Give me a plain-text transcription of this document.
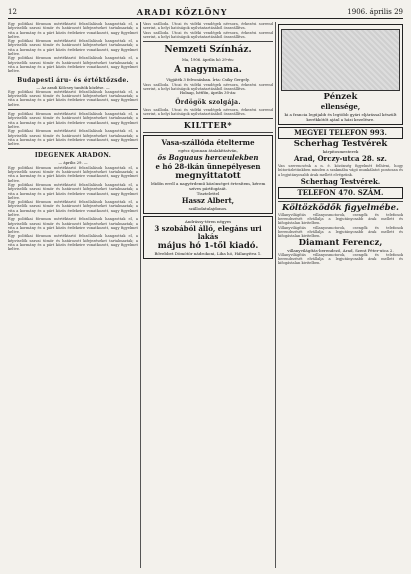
12	ARADI KÖZLÖNY	1906. április 29
Egy politikai fórumon mértéktartó felszólalások hangzottak el, a képviselők szavai tömör és határozott kifejezéseket tartalmaztak; a vita a kormány és a párt közös érdekeire vonatkozott, nagy figyelmet keltve.
Egy politikai fórumon mértéktartó felszólalások hangzottak el, a képviselők szavai tömör és határozott kifejezéseket tartalmaztak; a vita a kormány és a párt közös érdekeire vonatkozott, nagy figyelmet keltve.
Egy politikai fórumon mértéktartó felszólalások hangzottak el, a képviselők szavai tömör és határozott kifejezéseket tartalmaztak; a vita a kormány és a párt közös érdekeire vonatkozott, nagy figyelmet keltve.
Budapesti áru- és értéktőzsde.
— Az aradi Kölcsey tanítók közlése. —
Egy politikai fórumon mértéktartó felszólalások hangzottak el, a képviselők szavai tömör és határozott kifejezéseket tartalmaztak; a vita a kormány és a párt közös érdekeire vonatkozott, nagy figyelmet keltve.
Egy politikai fórumon mértéktartó felszólalások hangzottak el, a képviselők szavai tömör és határozott kifejezéseket tartalmaztak; a vita a kormány és a párt közös érdekeire vonatkozott, nagy figyelmet keltve.
Egy politikai fórumon mértéktartó felszólalások hangzottak el, a képviselők szavai tömör és határozott kifejezéseket tartalmaztak; a vita a kormány és a párt közös érdekeire vonatkozott, nagy figyelmet keltve.
IDEGENEK ARADON.
— április 29. —
Egy politikai fórumon mértéktartó felszólalások hangzottak el, a képviselők szavai tömör és határozott kifejezéseket tartalmaztak; a vita a kormány és a párt közös érdekeire vonatkozott, nagy figyelmet keltve.
Egy politikai fórumon mértéktartó felszólalások hangzottak el, a képviselők szavai tömör és határozott kifejezéseket tartalmaztak; a vita a kormány és a párt közös érdekeire vonatkozott, nagy figyelmet keltve.
Egy politikai fórumon mértéktartó felszólalások hangzottak el, a képviselők szavai tömör és határozott kifejezéseket tartalmaztak; a vita a kormány és a párt közös érdekeire vonatkozott, nagy figyelmet keltve.
Egy politikai fórumon mértéktartó felszólalások hangzottak el, a képviselők szavai tömör és határozott kifejezéseket tartalmaztak; a vita a kormány és a párt közös érdekeire vonatkozott, nagy figyelmet keltve.
Egy politikai fórumon mértéktartó felszólalások hangzottak el, a képviselők szavai tömör és határozott kifejezéseket tartalmaztak; a vita a kormány és a párt közös érdekeire vonatkozott, nagy figyelmet keltve.
Vass szálloda. Utcai és vidéki vendégek névsora, érkezési sorrend szerint, a helyi hatóságok nyilvántartásából összeállítva.
Vass szálloda. Utcai és vidéki vendégek névsora, érkezési sorrend szerint, a helyi hatóságok nyilvántartásából összeállítva.
Nemzeti Színház.
Ma, 1906. április hó 29-én:
A nagymama.
Vígjáték 3 felvonásban. Írta: Csiky Gergely.
Vass szálloda. Utcai és vidéki vendégek névsora, érkezési sorrend szerint, a helyi hatóságok nyilvántartásából összeállítva.
Holnap, hétfőn, április 30-án:
Ördögök szolgája.
Vass szálloda. Utcai és vidéki vendégek névsora, érkezési sorrend szerint, a helyi hatóságok nyilvántartásából összeállítva.
KILTTER*
Vasa-szállóda ételterme
egész újonnan átalakíttatván,
ős Baguaus herceulekben
e hó 28-ikán ünnepélyesen
megnyittatott
Midőn erről a nagyérdemű közönséget értesítem, kérem szíves pártfogását.
Tisztelettel
Hassz Albert,
szállodatulajdonos.
Andrássy-téren négyes
3 szobából álló, elegáns uri lakás
május hó 1-től kiadó.
Bővebbet Dömötör nádrokoni, Liba hó, Hálanyitva 1.
Pénzek
ellensége,
ki a francia legújabb és legtöbb gyári eljárással készült kerékkötőt ajánl a házi kezelésre.
MEGYEI TELEFON 993.
Scherhag Testvérek
kárpitosmesterek
Arad, Orczy-utca 28. sz.
Van szerencsénk a n. é. közönség figyelmét felhívni, hogy bútorüzletünkben minden a szakmába vágó munkálatot pontosan és a legjutányosabb árak mellett elvégzünk.
Scherhag Testvérek.
TELEFON 470. SZÁM.
Költözködők figyelmébe.
Villanyvilágítás villanyosmotorok, csengők és telefonok berendezését elvállalja a legjutányosabb árak mellett és kifogástalan kivitelben.
Villanyvilágítás villanyosmotorok, csengők és telefonok berendezését elvállalja a legjutányosabb árak mellett és kifogástalan kivitelben.
Diamant Ferencz,
villanyvilágítás-berendező, Arad, Szent Péter-utca 2.
Villanyvilágítás villanyosmotorok, csengők és telefonok berendezését elvállalja a legjutányosabb árak mellett és kifogástalan kivitelben.
